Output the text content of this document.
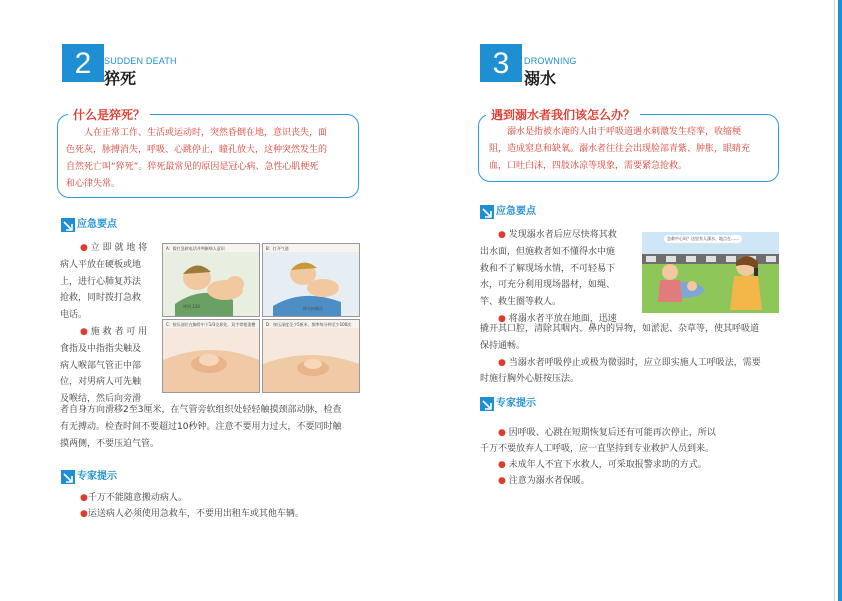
2	SUDDEN DEATH
猝死
什么是猝死？
人在正常工作、生活或运动时，突然昏倒在地，意识丧失，面
色死灰，脉搏消失，呼吸、心跳停止，瞳孔放大，这种突然发生的
自然死亡叫“猝死”。猝死最常见的原因是冠心病、急性心肌梗死
和心律失常。
应急要点
● 立 即 就 地 将
病人平放在硬板或地
上，进行心肺复苏法
抢救，同时拨打急救
电话。
● 施 救 者 可 用
食指及中指指尖触及
病人喉部气管正中部
位，对男病人可先触
及喉结，然后向旁滑
A：拨打急救电话并判断病人意识
呼叫 120
B：打开气道
仰头抬颏法
C：按压部位在胸骨中下1/3交界处，双手掌根重叠	D：按压深度至少5厘米，频率每分钟至少100次
者自身方向滑移2至3厘米，在气管旁软组织处轻轻触摸颈部动脉，检查
有无搏动。检查时间不要超过10秒钟。注意不要用力过大，不要同时触
摸两侧，不要压迫气管。
专家提示
●千万不能随意搬动病人。
●运送病人必须使用急救车，不要用出租车或其他车辆。
3	DROWNING
溺水
遇到溺水者我们该怎么办？
溺水是指被水淹的人由于呼吸道遇水刺激发生痉挛，收缩梗
阻，造成窒息和缺氧。溺水者往往会出现脸部青紫、肿胀，眼睛充
血，口吐白沫，四肢冰凉等现象，需要紧急抢救。
应急要点
● 发现溺水者后应尽快将其救
出水面，但施救者如不懂得水中施
救和不了解现场水情，不可轻易下
水，可充分利用现场器材，如绳、
竿、救生圈等救人。
● 将溺水者平放在地面，迅速
急救中心吗？这里有人溺水，地点在……
撬开其口腔，清除其咽内、鼻内的异物，如淤泥、杂草等，使其呼吸道
保持通畅。
● 当溺水者呼吸停止或极为微弱时，应立即实施人工呼吸法，需要
时施行胸外心脏按压法。
专家提示
● 因呼吸、心跳在短期恢复后还有可能再次停止，所以
千万不要放弃人工呼吸，应一直坚持到专业救护人员到来。
● 未成年人不宜下水救人，可采取报警求助的方式。
● 注意为溺水者保暖。
